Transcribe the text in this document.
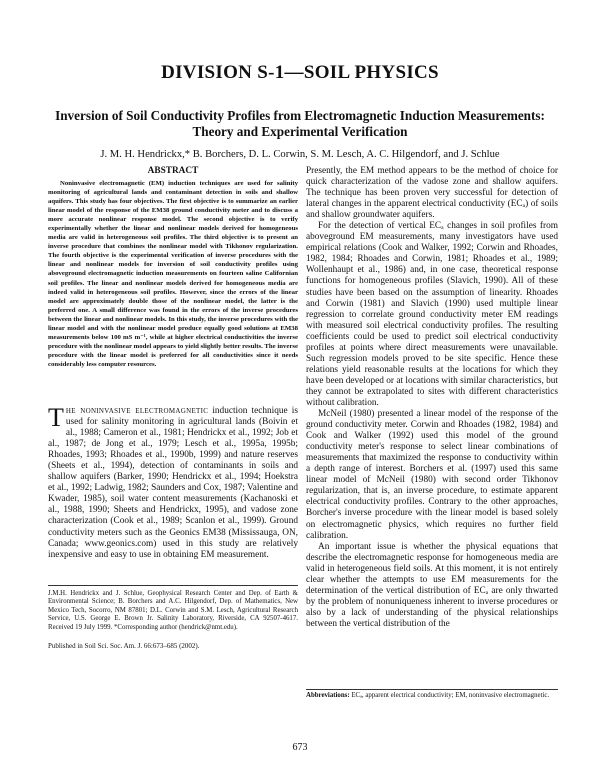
DIVISION S-1—SOIL PHYSICS
Inversion of Soil Conductivity Profiles from Electromagnetic Induction Measurements: Theory and Experimental Verification
J. M. H. Hendrickx,* B. Borchers, D. L. Corwin, S. M. Lesch, A. C. Hilgendorf, and J. Schlue
ABSTRACT

Noninvasive electromagnetic (EM) induction techniques are used for salinity monitoring of agricultural lands and contaminant detection in soils and shallow aquifers. This study has four objectives. The first objective is to summarize an earlier linear model of the response of the EM38 ground conductivity meter and to discuss a more accurate nonlinear response model. The second objective is to verify experimentally whether the linear and nonlinear models derived for homogeneous media are valid in heterogeneous soil profiles. The third objective is to present an inverse procedure that combines the nonlinear model with Tikhonov regularization. The fourth objective is the experimental verification of inverse procedures with the linear and nonlinear models for inversion of soil conductivity profiles using aboveground electromagnetic induction measurements on fourteen saline Californian soil profiles. The linear and nonlinear models derived for homogeneous media are indeed valid in heterogeneous soil profiles. However, since the errors of the linear model are approximately double those of the nonlinear model, the latter is the preferred one. A small difference was found in the errors of the inverse procedures between the linear and nonlinear models. In this study, the inverse procedures with the linear model and with the nonlinear model produce equally good solutions at EM38 measurements below 100 mS m⁻¹, while at higher electrical conductivities the inverse procedure with the nonlinear model appears to yield slightly better results. The inverse procedure with the linear model is preferred for all conductivities since it needs considerably less computer resources.

The noninvasive electromagnetic induction technique is used for salinity monitoring in agricultural lands (Boivin et al., 1988; Cameron et al., 1981; Hendrickx et al., 1992; Job et al., 1987; de Jong et al., 1979; Lesch et al., 1995a, 1995b; Rhoades, 1993; Rhoades et al., 1990b, 1999) and nature reserves (Sheets et al., 1994), detection of contaminants in soils and shallow aquifers (Barker, 1990; Hendrickx et al., 1994; Hoekstra et al., 1992; Ladwig, 1982; Saunders and Cox, 1987; Valentine and Kwader, 1985), soil water content measurements (Kachanoski et al., 1988, 1990; Sheets and Hendrickx, 1995), and vadose zone characterization (Cook et al., 1989; Scanlon et al., 1999). Ground conductivity meters such as the Geonics EM38 (Mississauga, ON, Canada; www.geonics.com) used in this study are relatively inexpensive and easy to use in obtaining EM measurement.
J.M.H. Hendrickx and J. Schlue, Geophysical Research Center and Dep. of Earth & Environmental Science; B. Borchers and A.C. Hilgendorf, Dep. of Mathematics, New Mexico Tech, Socorro, NM 87801; D.L. Corwin and S.M. Lesch, Agricultural Research Service, U.S. George E. Brown Jr. Salinity Laboratory, Riverside, CA 92507-4617. Received 19 July 1999. *Corresponding author (hendrick@nmt.edu).
Published in Soil Sci. Soc. Am. J. 66:673–685 (2002).

Presently, the EM method appears to be the method of choice for quick characterization of the vadose zone and shallow aquifers. The technique has been proven very successful for detection of lateral changes in the apparent electrical conductivity (ECₐ) of soils and shallow groundwater aquifers.

For the detection of vertical ECₐ changes in soil profiles from aboveground EM measurements, many investigators have used empirical relations (Cook and Walker, 1992; Corwin and Rhoades, 1982, 1984; Rhoades and Corwin, 1981; Rhoades et al., 1989; Wollenhaupt et al., 1986) and, in one case, theoretical response functions for homogeneous profiles (Slavich, 1990). All of these studies have been based on the assumption of linearity. Rhoades and Corwin (1981) and Slavich (1990) used multiple linear regression to correlate ground conductivity meter EM readings with measured soil electrical conductivity profiles. The resulting coefficients could be used to predict soil electrical conductivity profiles at points where direct measurements were unavailable. Such regression models proved to be site specific. Hence these relations yield reasonable results at the locations for which they have been developed or at locations with similar characteristics, but they cannot be extrapolated to sites with different characteristics without calibration.

McNeil (1980) presented a linear model of the response of the ground conductivity meter. Corwin and Rhoades (1982, 1984) and Cook and Walker (1992) used this model of the ground conductivity meter's response to select linear combinations of measurements that maximized the response to conductivity within a depth range of interest. Borchers et al. (1997) used this same linear model of McNeil (1980) with second order Tikhonov regularization, that is, an inverse procedure, to estimate apparent electrical conductivity profiles. Contrary to the other approaches, Borcher's inverse procedure with the linear model is based solely on electromagnetic physics, which requires no further field calibration.

An important issue is whether the physical equations that describe the electromagnetic response for homogeneous media are valid in heterogeneous field soils. At this moment, it is not entirely clear whether the attempts to use EM measurements for the determination of the vertical distribution of ECₐ are only thwarted by the problem of nonuniqueness inherent to inverse procedures or also by a lack of understanding of the physical relationships between the vertical distribution of the

Abbreviations: ECₐ, apparent electrical conductivity; EM, noninvasive electromagnetic.
673
